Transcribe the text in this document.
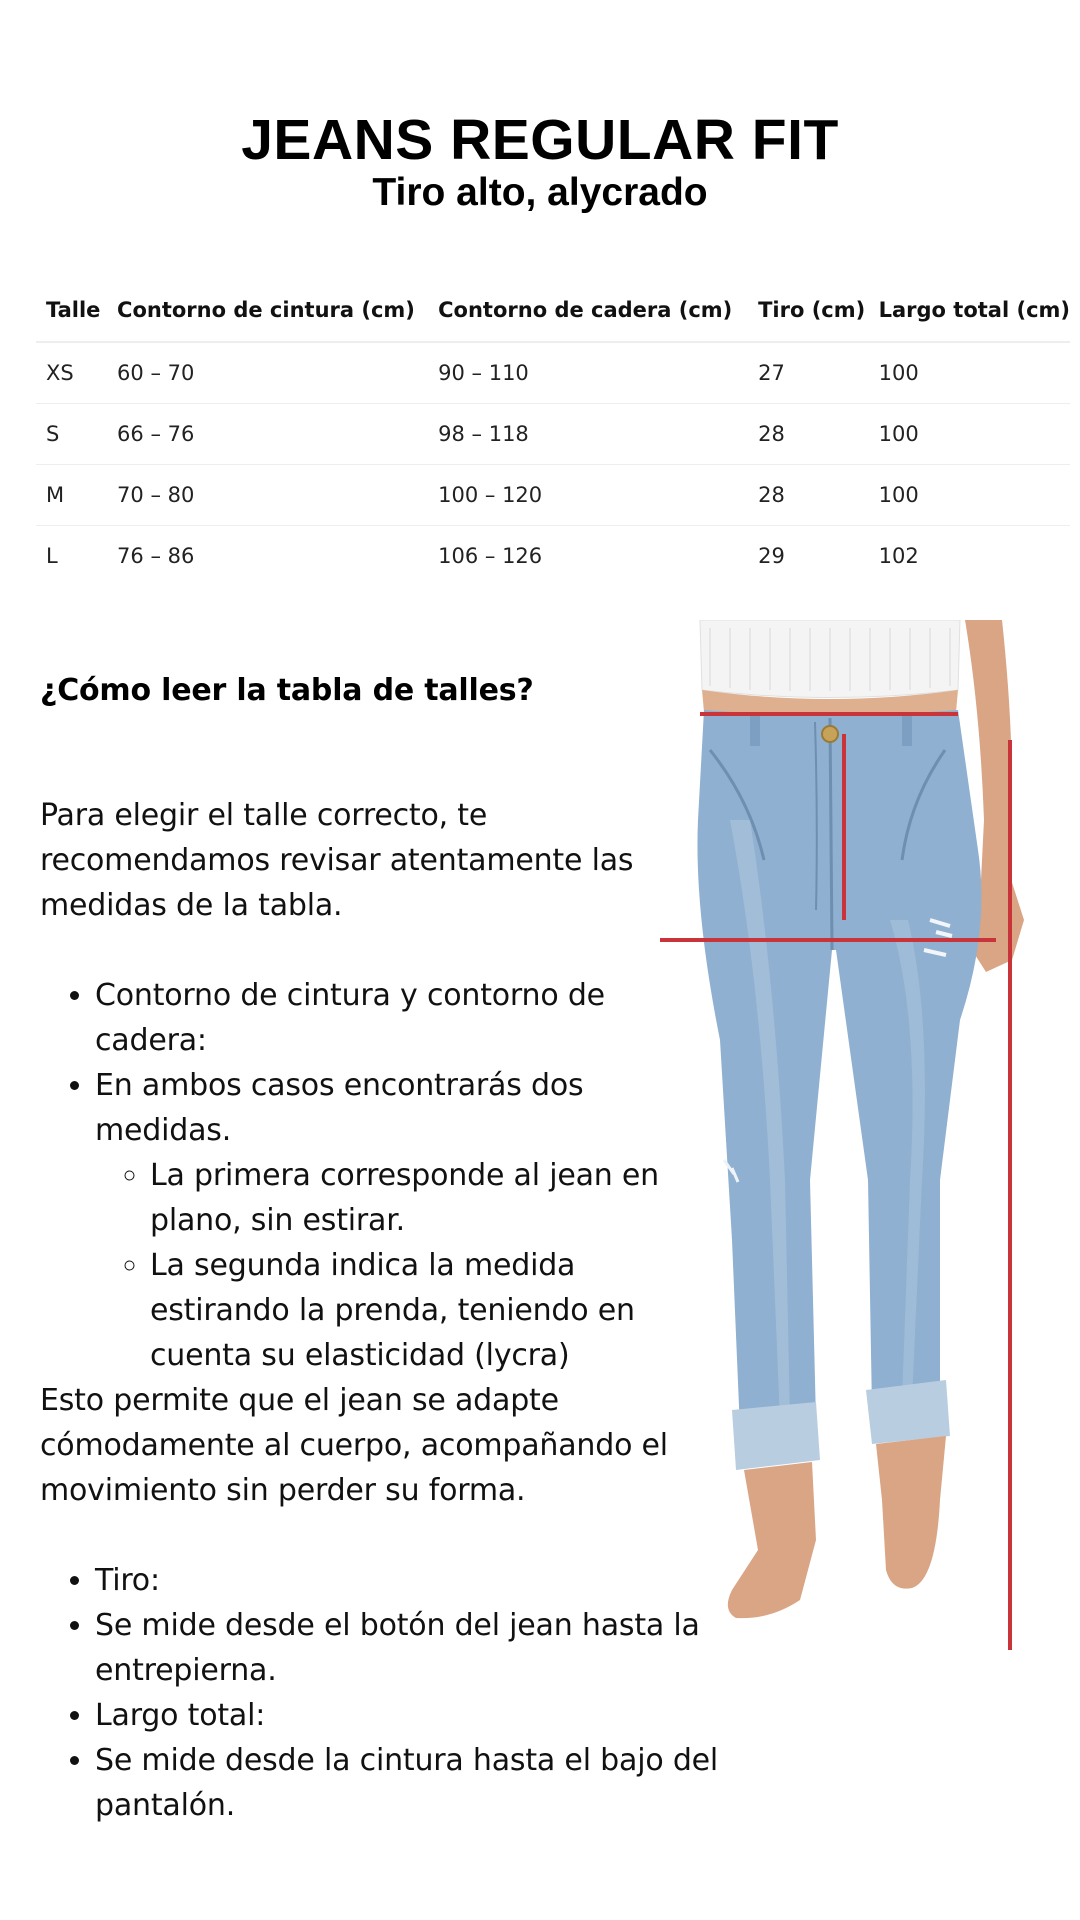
JEANS REGULAR FIT
Tiro alto, alycrado
Talle	Contorno de cintura (cm)	Contorno de cadera (cm)	Tiro (cm)	Largo total (cm)
XS	60 – 70	90 – 110	27	100
S	66 – 76	98 – 118	28	100
M	70 – 80	100 – 120	28	100
L	76 – 86	106 – 126	29	102
¿Cómo leer la tabla de talles?

Para elegir el talle correcto, te recomendamos revisar atentamente las medidas de la tabla.

• Contorno de cintura y contorno de cadera:
• En ambos casos encontrarás dos medidas.
◦ La primera corresponde al jean en plano, sin estirar.
◦ La segunda indica la medida estirando la prenda, teniendo en cuenta su elasticidad (lycra)

Esto permite que el jean se adapte cómodamente al cuerpo, acompañando el movimiento sin perder su forma.

• Tiro:
• Se mide desde el botón del jean hasta la entrepierna.
• Largo total:
• Se mide desde la cintura hasta el bajo del pantalón.
